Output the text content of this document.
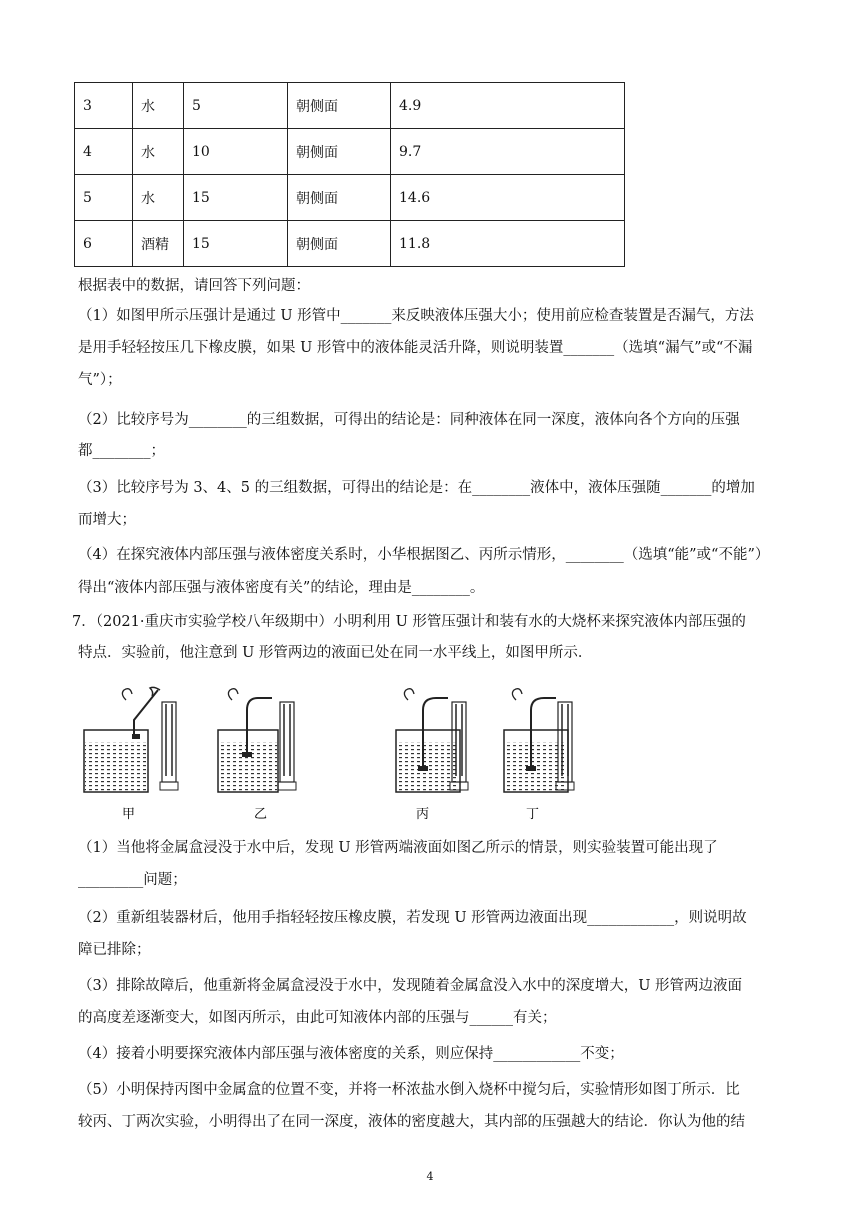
3	水	5	朝侧面	4.9
4	水	10	朝侧面	9.7
5	水	15	朝侧面	14.6
6	酒精	15	朝侧面	11.8
根据表中的数据，请回答下列问题：
（1）如图甲所示压强计是通过 U 形管中_______来反映液体压强大小；使用前应检查装置是否漏气，方法
是用手轻轻按压几下橡皮膜，如果 U 形管中的液体能灵活升降，则说明装置_______（选填“漏气”或“不漏
气”）；
（2）比较序号为________的三组数据，可得出的结论是：同种液体在同一深度，液体向各个方向的压强
都________；
（3）比较序号为 3、4、5 的三组数据，可得出的结论是：在________液体中，液体压强随_______的增加
而增大；
（4）在探究液体内部压强与液体密度关系时，小华根据图乙、丙所示情形，________（选填“能”或“不能”）
得出“液体内部压强与液体密度有关”的结论，理由是________。
7．（2021·重庆市实验学校八年级期中）小明利用 U 形管压强计和装有水的大烧杯来探究液体内部压强的
特点．实验前，他注意到 U 形管两边的液面已处在同一水平线上，如图甲所示．
甲	乙	丙	丁
（1）当他将金属盒浸没于水中后，发现 U 形管两端液面如图乙所示的情景，则实验装置可能出现了
_________问题；
（2）重新组装器材后，他用手指轻轻按压橡皮膜，若发现 U 形管两边液面出现____________，则说明故
障已排除；
（3）排除故障后，他重新将金属盒浸没于水中，发现随着金属盒没入水中的深度增大，U 形管两边液面
的高度差逐渐变大，如图丙所示，由此可知液体内部的压强与______有关；
（4）接着小明要探究液体内部压强与液体密度的关系，则应保持____________不变；
（5）小明保持丙图中金属盒的位置不变，并将一杯浓盐水倒入烧杯中搅匀后，实验情形如图丁所示．比
较丙、丁两次实验，小明得出了在同一深度，液体的密度越大，其内部的压强越大的结论．你认为他的结
4
